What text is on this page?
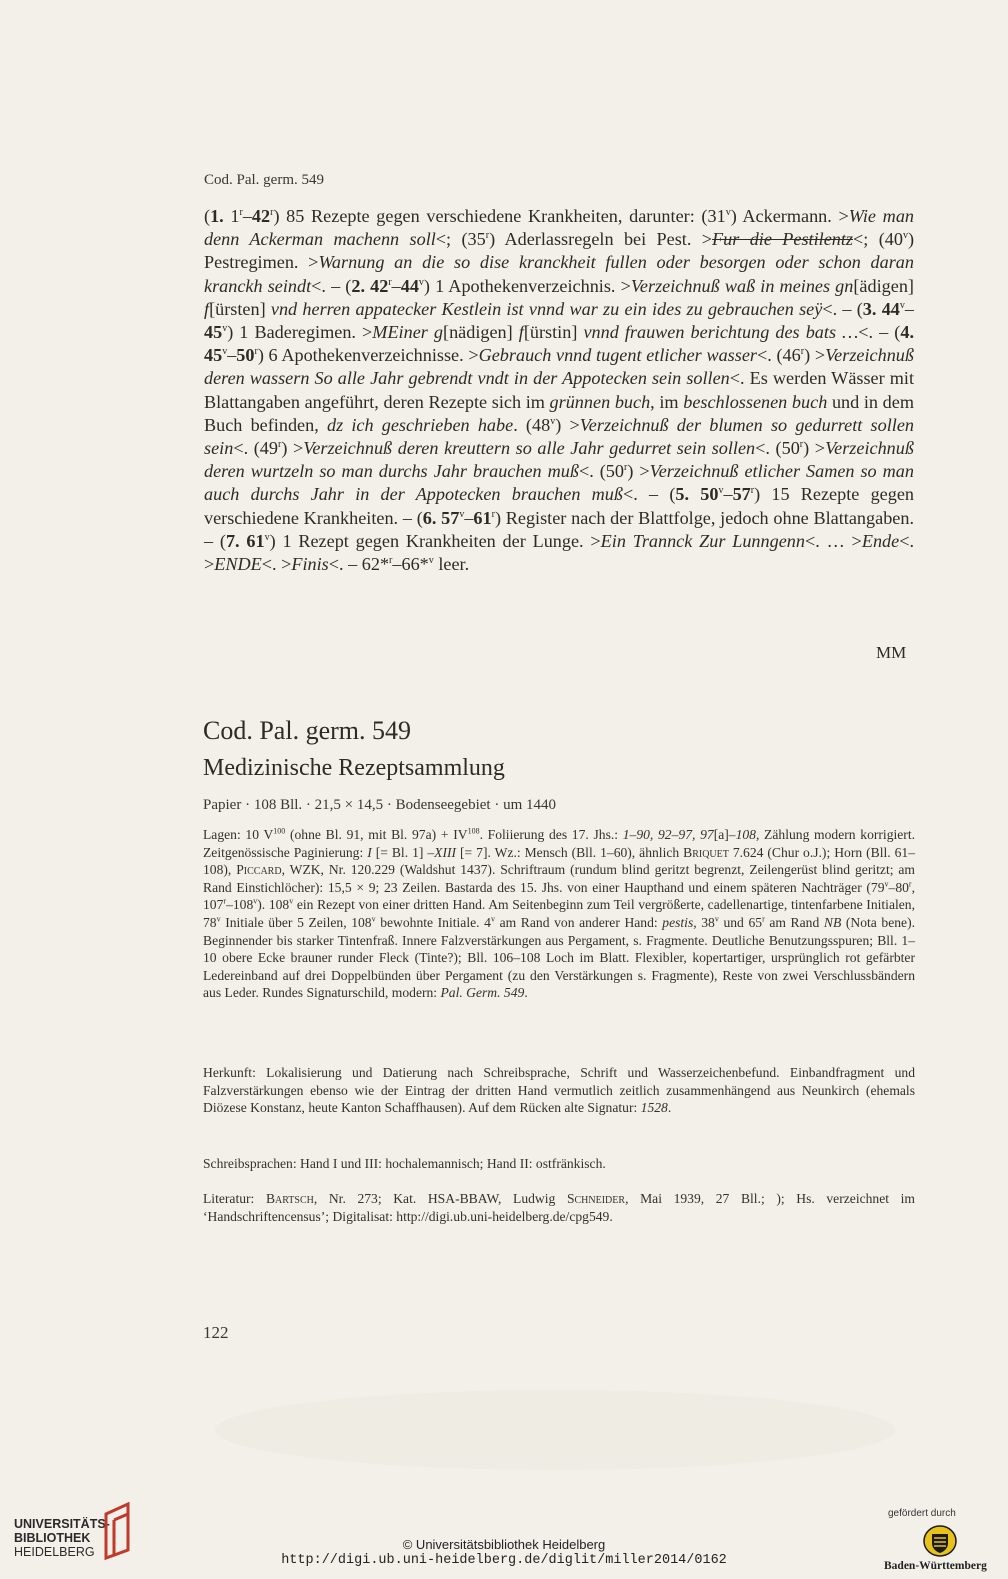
Cod. Pal. germ. 549

(1. 1$^r$–42$^r$) 85 Rezepte gegen verschiedene Krankheiten, darunter: (31$^v$) Ackermann. >Wie man denn Ackerman machenn soll<; (35$^r$) Aderlassregeln bei Pest. >Fur die Pestilentz<; (40$^v$) Pestregimen. >Warnung an die so dise kranckheit fullen oder besorgen oder schon daran kranckh seindt<. – (2. 42$^r$–44$^v$) 1 Apothekenverzeichnis. >Verzeichnuß waß in meines gn[ädigen] f[ürsten] vnd herren appatecker Kestlein ist vnnd war zu ein ides zu gebrauchen seÿ<. – (3. 44$^v$–45$^v$) 1 Baderegimen. >MEiner g[nädigen] f[ürstin] vnnd frauwen berichtung des bats …<. – (4. 45$^v$–50$^r$) 6 Apothekenverzeichnisse. >Gebrauch vnnd tugent etlicher wasser<. $(46^r)$ >Verzeichnuß deren wassern So alle Jahr gebrendt vndt in der Appotecken sein sollen<. Es werden Wässer mit Blattangaben angeführt, deren Rezepte sich im grünnen buch, im beschlossenen buch und in dem Buch befinden, dz ich geschrieben habe. $(48^v)$ >Verzeichnuß der blumen so gedurrett sollen sein<. $(49^r)$ >Verzeichnuß deren kreuttern so alle Jahr gedurret sein sollen<. $(50^r)$ >Verzeichnuß deren wurtzeln so man durchs Jahr brauchen muß<. $(50^r)$ >Verzeichnuß etlicher Samen so man auch durchs Jahr in der Appotecken brauchen muß<. – (5. 50$^v$–57$^r$) 15 Rezepte gegen verschiedene Krankheiten. – (6. 57$^v$–61$^r$) Register nach der Blattfolge, jedoch ohne Blattangaben. – (7. 61$^v$) 1 Rezept gegen Krankheiten der Lunge. >Ein Trannck Zur Lunngenn<. … >Ende<. >ENDE<. >Finis<. – 62*$^r$–66*$^v$ leer.

MM
Cod. Pal. germ. 549
Medizinische Rezeptsammlung
Papier · 108 Bll. · 21,5 × 14,5 · Bodenseegebiet · um 1440

Lagen: 10 $V^{100}$ (ohne Bl. 91, mit Bl. $97a) + IV^{108}$. Foliierung des 17. Jhs.: 1–90, 92–97, 97[a]–108, Zählung modern korrigiert. Zeitgenössische Paginierung: I [= Bl. 1] –XIII [= 7]. Wz.: Mensch (Bll. 1–60), ähnlich Briquet 7.624 (Chur o.J.); Horn (Bll. 61–108), Piccard, WZK, Nr. 120.229 (Waldshut 1437). Schriftraum (rundum blind geritzt begrenzt, Zeilengerüst blind geritzt; am Rand Einstichlöcher): 15,5 × 9; 23 Zeilen. Bastarda des 15. Jhs. von einer Haupthand und einem späteren Nachträger (79$^v$–80$^r$, 107$^r$–108$^v$). 108$^v$ ein Rezept von einer dritten Hand. Am Seitenbeginn zum Teil vergrößerte, cadellenartige, tintenfarbene Initialen, 78$^v$ Initiale über 5 Zeilen, 108$^v$ bewohnte Initiale. 4$^v$ am Rand von anderer Hand: pestis, 38$^v$ und 65$^r$ am Rand NB (Nota bene). Beginnender bis starker Tintenfraß. Innere Falzverstärkungen aus Pergament, s. Fragmente. Deutliche Benutzungsspuren; Bll. 1–10 obere Ecke brauner runder Fleck (Tinte?); Bll. 106–108 Loch im Blatt. Flexibler, kopertartiger, ursprünglich rot gefärbter Ledereinband auf drei Doppelbünden über Pergament (zu den Verstärkungen s. Fragmente), Reste von zwei Verschlussbändern aus Leder. Rundes Signaturschild, modern: Pal. Germ. 549.

Herkunft: Lokalisierung und Datierung nach Schreibsprache, Schrift und Wasserzeichenbefund. Einbandfragment und Falzverstärkungen ebenso wie der Eintrag der dritten Hand vermutlich zeitlich zusammenhängend aus Neunkirch (ehemals Diözese Konstanz, heute Kanton Schaffhausen). Auf dem Rücken alte Signatur: 1528.

Schreibsprachen: Hand I und III: hochalemannisch; Hand II: ostfränkisch.

Literatur: Bartsch, Nr. 273; Kat. HSA-BBAW, Ludwig Schneider, Mai 1939, 27 Bll.; ); Hs. verzeichnet im ‘Handschriftencensus’; Digitalisat: http://digi.ub.uni-heidelberg.de/cpg549.

122
UNIVERSITÄTS-
BIBLIOTHEK
HEIDELBERG	© Universitätsbibliothek Heidelberg
http://digi.ub.uni-heidelberg.de/diglit/miller2014/0162
gefördert durch
Baden-Württemberg
